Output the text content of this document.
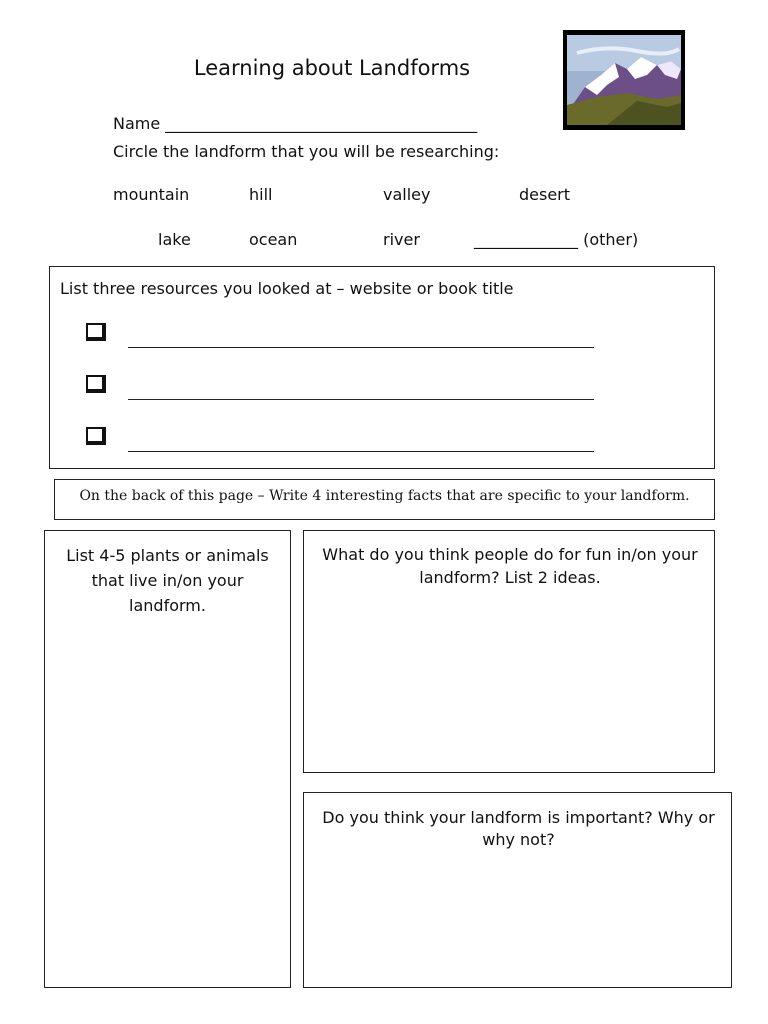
Learning about Landforms
Name _______________________________________
Circle the landform that you will be researching:
mountain	hill	valley	desert
lake	ocean	river	_____________ (other)
List three resources you looked at – website or book title
On the back of this page – Write 4 interesting facts that are specific to your landform.
List 4-5 plants or animals that live in/on your landform.
What do you think people do for fun in/on your landform? List 2 ideas.
Do you think your landform is important? Why or why not?
